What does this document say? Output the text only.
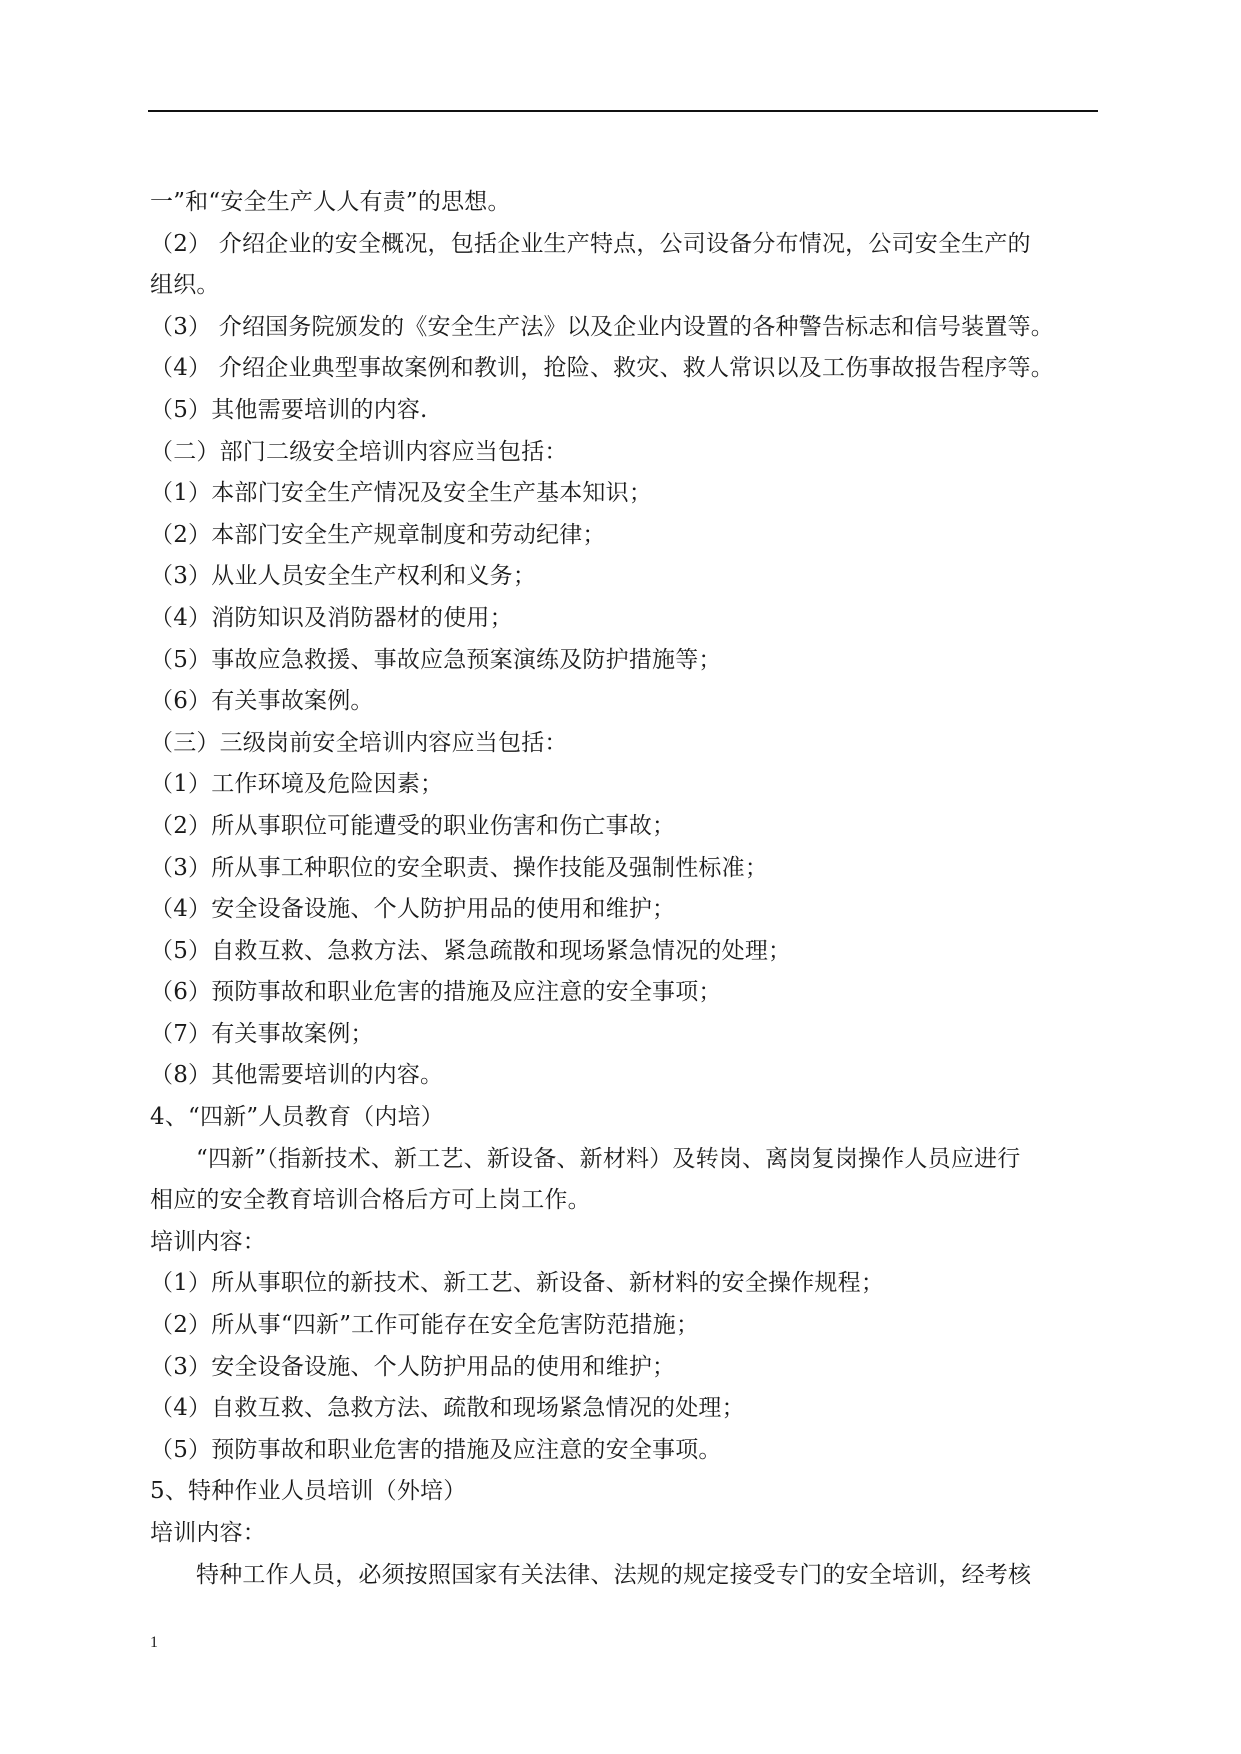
一”和“安全生产人人有责”的思想。
（2） 介绍企业的安全概况，包括企业生产特点，公司设备分布情况，公司安全生产的
组织。
（3） 介绍国务院颁发的《安全生产法》以及企业内设置的各种警告标志和信号装置等。
（4） 介绍企业典型事故案例和教训，抢险、救灾、救人常识以及工伤事故报告程序等。
（5）其他需要培训的内容.
（二）部门二级安全培训内容应当包括：
（1）本部门安全生产情况及安全生产基本知识；
（2）本部门安全生产规章制度和劳动纪律；
（3）从业人员安全生产权利和义务；
（4）消防知识及消防器材的使用；
（5）事故应急救援、事故应急预案演练及防护措施等；
（6）有关事故案例。
（三）三级岗前安全培训内容应当包括：
（1）工作环境及危险因素；
（2）所从事职位可能遭受的职业伤害和伤亡事故；
（3）所从事工种职位的安全职责、操作技能及强制性标准；
（4）安全设备设施、个人防护用品的使用和维护；
（5）自救互救、急救方法、紧急疏散和现场紧急情况的处理；
（6）预防事故和职业危害的措施及应注意的安全事项；
（7）有关事故案例；
（8）其他需要培训的内容。
4、“四新”人员教育（内培）
“四新”（指新技术、新工艺、新设备、新材料）及转岗、离岗复岗操作人员应进行
相应的安全教育培训合格后方可上岗工作。
培训内容：
（1）所从事职位的新技术、新工艺、新设备、新材料的安全操作规程；
（2）所从事“四新”工作可能存在安全危害防范措施；
（3）安全设备设施、个人防护用品的使用和维护；
（4）自救互救、急救方法、疏散和现场紧急情况的处理；
（5）预防事故和职业危害的措施及应注意的安全事项。
5、特种作业人员培训（外培）
培训内容：
特种工作人员，必须按照国家有关法律、法规的规定接受专门的安全培训，经考核
1
